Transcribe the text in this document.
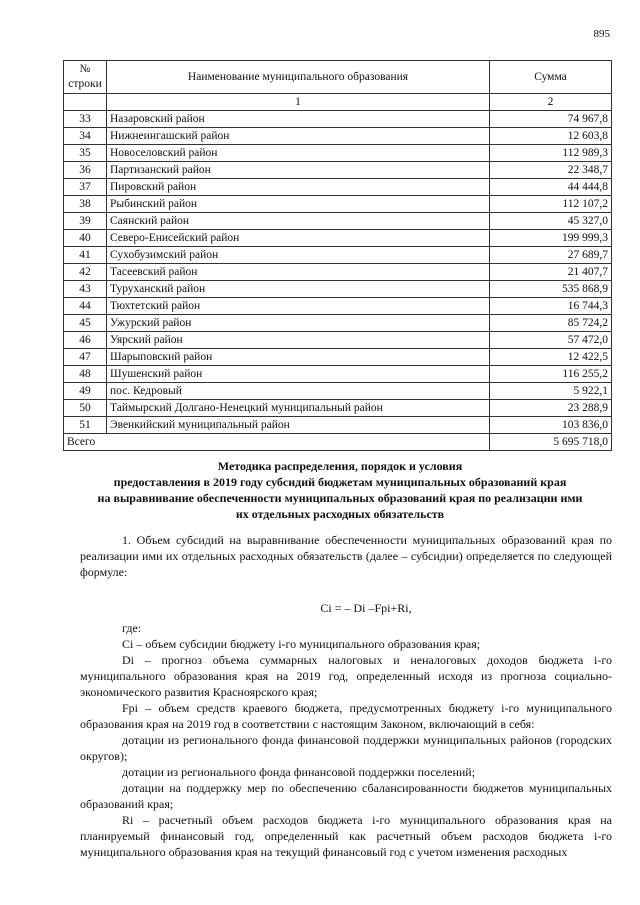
895
№ строки	Наименование муниципального образования	Сумма
	1	2
33	Назаровский район	74 967,8
34	Нижнеингашский район	12 603,8
35	Новоселовский район	112 989,3
36	Партизанский район	22 348,7
37	Пировский район	44 444,8
38	Рыбинский район	112 107,2
39	Саянский район	45 327,0
40	Северо-Енисейский район	199 999,3
41	Сухобузимский район	27 689,7
42	Тасеевский район	21 407,7
43	Туруханский район	535 868,9
44	Тюхтетский район	16 744,3
45	Ужурский район	85 724,2
46	Уярский район	57 472,0
47	Шарыповский район	12 422,5
48	Шушенский район	116 255,2
49	пос. Кедровый	5 922,1
50	Таймырский Долгано-Ненецкий муниципальный район	23 288,9
51	Эвенкийский муниципальный район	103 836,0
Всего		5 695 718,0
Методика распределения, порядок и условия
предоставления в 2019 году субсидий бюджетам муниципальных образований края
на выравнивание обеспеченности муниципальных образований края по реализации ими
их отдельных расходных обязательств

1. Объем субсидий на выравнивание обеспеченности муниципальных образований края по реализации ими их отдельных расходных обязательств (далее – субсидии) определяется по следующей формуле:

Ci = – Di –Fpi+Ri,

где:

Ci – объем субсидии бюджету i-го муниципального образования края;

Di – прогноз объема суммарных налоговых и неналоговых доходов бюджета i-го муниципального образования края на 2019 год, определенный исходя из прогноза социально-экономического развития Красноярского края;

Fpi – объем средств краевого бюджета, предусмотренных бюджету i-го муниципального образования края на 2019 год в соответствии с настоящим Законом, включающий в себя:

дотации из регионального фонда финансовой поддержки муниципальных районов (городских округов);

дотации из регионального фонда финансовой поддержки поселений;

дотации на поддержку мер по обеспечению сбалансированности бюджетов муниципальных образований края;

Ri – расчетный объем расходов бюджета i-го муниципального образования края на планируемый финансовый год, определенный как расчетный объем расходов бюджета i-го муниципального образования края на текущий финансовый год с учетом изменения расходных
